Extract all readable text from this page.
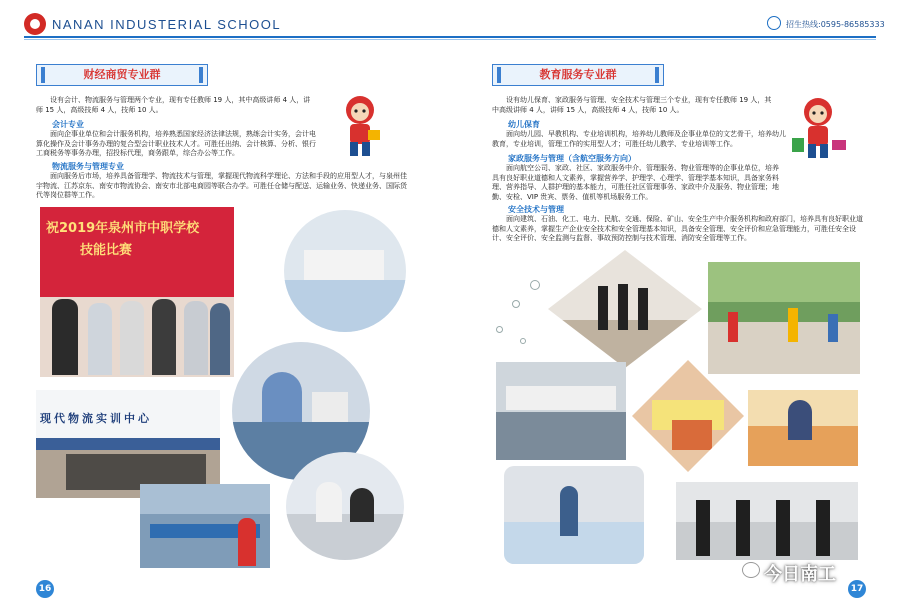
NANAN INDUSTERIAL SCHOOL	招生热线:0595-86585333
财经商贸专业群
设有会计、物流服务与管理两个专业，现有专任教师 19 人，其中高级讲师 4 人，讲师 15 人，高级技师 4 人，技师 10 人。
会计专业
面向企事业单位和会计服务机构，培养熟悉国家经济法律法规，熟练会计实务，会计电算化操作及会计事务办理的复合型会计职业技术人才。可胜任出纳、会计核算、分析、银行工商税务等事务办理，招投标代理，商务跟单，综合办公等工作。
物流服务与管理专业
面向服务后市场，培养具备管理学、物流技术与管理，掌握现代物流科学理论、方法和手段的应用型人才，与泉州佳宇物流、江苏京东、南安市物流协会、南安市北部电商园等联合办学。可胜任仓储与配送、运输业务、快递业务、国际货代等岗位群等工作。
祝2019年泉州市中职学校
技能比赛
现代物流实训中心
16
教育服务专业群
设有幼儿保育、家政服务与管理、安全技术与管理三个专业，现有专任教师 19 人，其中高级讲师 4 人，讲师 15 人，高级技师 4 人，技师 10 人。
幼儿保育
面向幼儿园、早教机构、专业培训机构，培养幼儿教师及企事业单位的文艺骨干，培养幼儿教育，专业培训，管理工作的实用型人才；可胜任幼儿教学、专业培训等工作。
家政服务与管理（含航空服务方向）
面向航空公司、家政、社区、家政服务中介、管理服务、物业管理等的企事业单位，培养具有良好职业道德和人文素养，掌握营养学、护理学、心理学、管理学基本知识，具备家务料理、营养指导、人群护理的基本能力，可胜任社区管理事务、家政中介及服务、物业管理；地勤、安检、VIP 贵宾、票务、值机等机场服务工作。
安全技术与管理
面向建筑、石油、化工、电力、民航、交通、保险、矿山、安全生产中介服务机构和政府部门，培养具有良好职业道德和人文素养，掌握生产企业安全技术和安全管理基本知识，具备安全管理、安全评价和应急管理能力，可胜任安全设计、安全评价、安全监测与监督、事故预防控制与技术管理、消防安全管理等工作。
17
今日南工
